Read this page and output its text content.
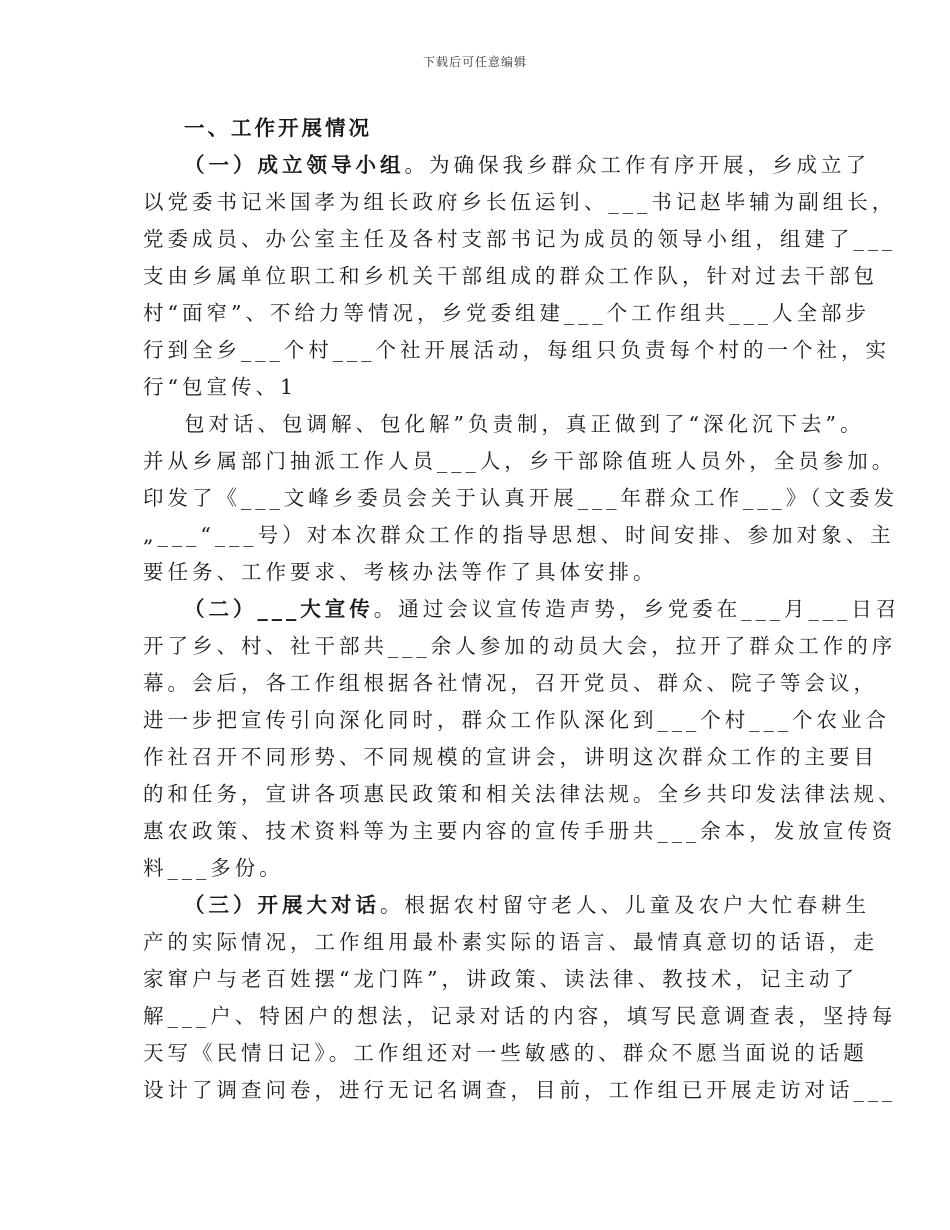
下载后可任意编辑
一、工作开展情况
（一）成立领导小组。为确保我乡群众工作有序开展，乡成立了
以党委书记米国孝为组长政府乡长伍运钊、___书记赵毕辅为副组长，
党委成员、办公室主任及各村支部书记为成员的领导小组，组建了___
支由乡属单位职工和乡机关干部组成的群众工作队，针对过去干部包
村“面窄”、不给力等情况，乡党委组建___个工作组共___人全部步
行到全乡___个村___个社开展活动，每组只负责每个村的一个社，实
行“包宣传、1
包对话、包调解、包化解”负责制，真正做到了“深化沉下去”。
并从乡属部门抽派工作人员___人，乡干部除值班人员外，全员参加。
印发了《___文峰乡委员会关于认真开展___年群众工作___》（文委发
„___“___号）对本次群众工作的指导思想、时间安排、参加对象、主
要任务、工作要求、考核办法等作了具体安排。
（二）___大宣传。通过会议宣传造声势，乡党委在___月___日召
开了乡、村、社干部共___余人参加的动员大会，拉开了群众工作的序
幕。会后，各工作组根据各社情况，召开党员、群众、院子等会议，
进一步把宣传引向深化同时，群众工作队深化到___个村___个农业合
作社召开不同形势、不同规模的宣讲会，讲明这次群众工作的主要目
的和任务，宣讲各项惠民政策和相关法律法规。全乡共印发法律法规、
惠农政策、技术资料等为主要内容的宣传手册共___余本，发放宣传资
料___多份。
（三）开展大对话。根据农村留守老人、儿童及农户大忙春耕生
产的实际情况，工作组用最朴素实际的语言、最情真意切的话语，走
家窜户与老百姓摆“龙门阵”，讲政策、读法律、教技术，记主动了
解___户、特困户的想法，记录对话的内容，填写民意调查表，坚持每
天写《民情日记》。工作组还对一些敏感的、群众不愿当面说的话题
设计了调查问卷，进行无记名调查，目前，工作组已开展走访对话___
